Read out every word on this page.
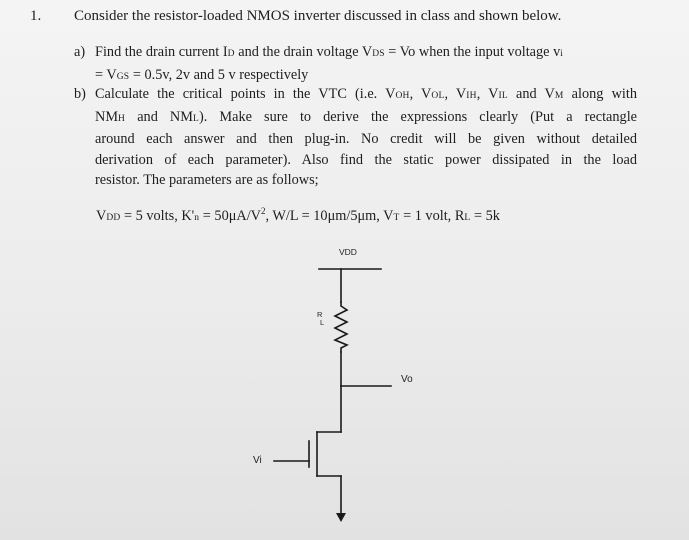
1. Consider the resistor-loaded NMOS inverter discussed in class and shown below.
a) Find the drain current ID and the drain voltage VDS = Vo when the input voltage vi
= VGS = 0.5v, 2v and 5 v respectively
b) Calculate the critical points in the VTC (i.e. VOH, VOL, VIH, VIL and VM along with
NMH and NML). Make sure to derive the expressions clearly (Put a rectangle
around each answer and then plug-in. No credit will be given without detailed
derivation of each parameter). Also find the static power dissipated in the load
resistor. The parameters are as follows;
VDD = 5 volts, $K'n = 50\mu A/V^2$, W/L = 10μm/5μm, VT = 1 volt, RL = 5k
VDD
R
L
Vo
Vi
